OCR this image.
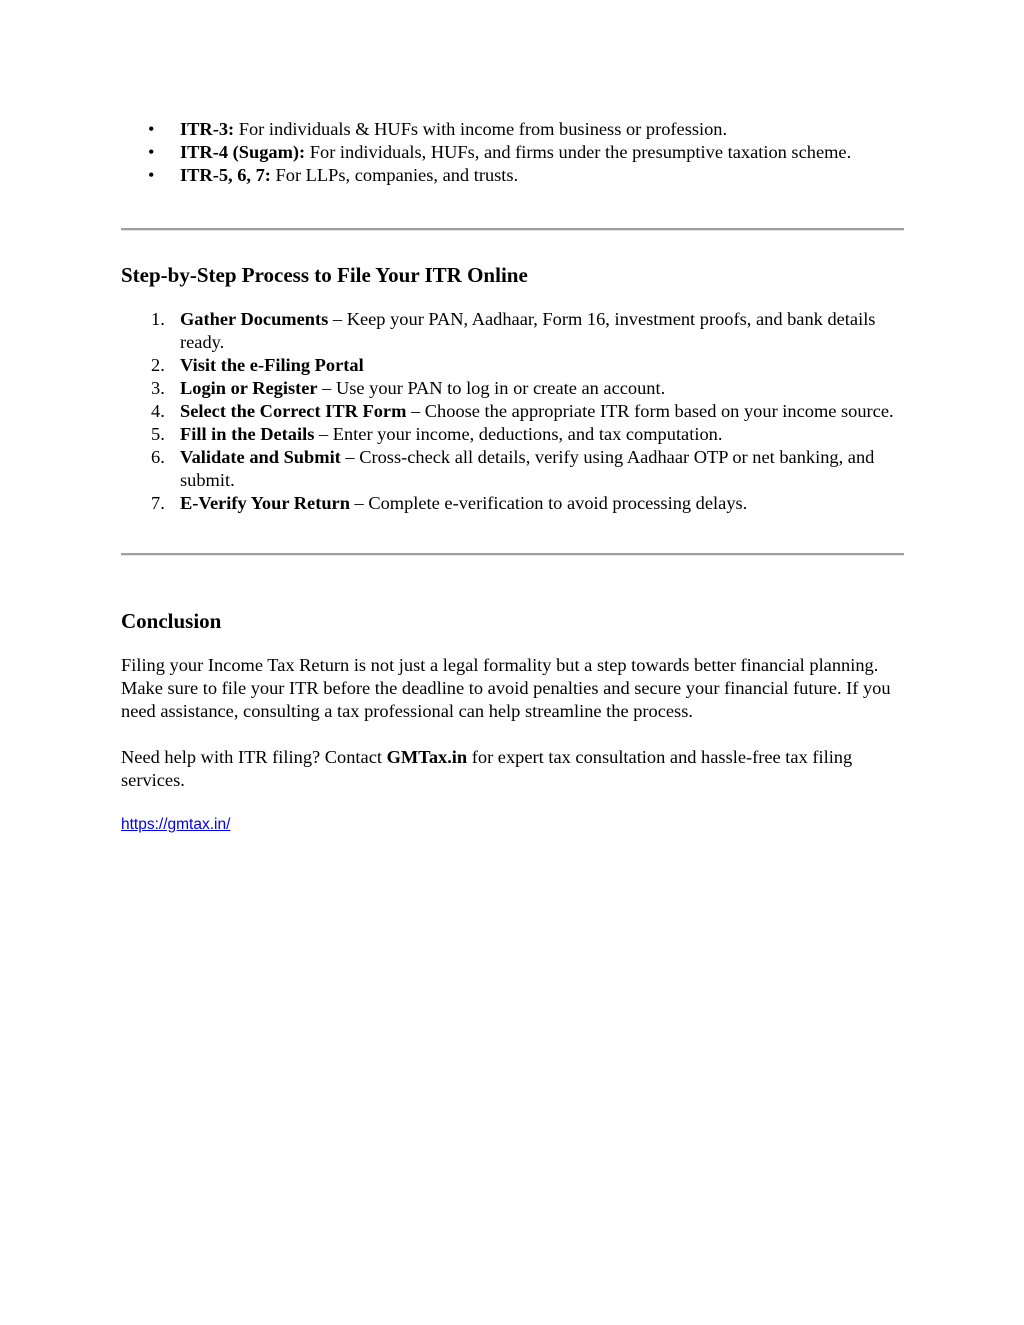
• ITR-3: For individuals & HUFs with income from business or profession.
• ITR-4 (Sugam): For individuals, HUFs, and firms under the presumptive taxation scheme.
• ITR-5, 6, 7: For LLPs, companies, and trusts.
Step-by-Step Process to File Your ITR Online
1. Gather Documents – Keep your PAN, Aadhaar, Form 16, investment proofs, and bank details ready.
2. Visit the e-Filing Portal
3. Login or Register – Use your PAN to log in or create an account.
4. Select the Correct ITR Form – Choose the appropriate ITR form based on your income source.
5. Fill in the Details – Enter your income, deductions, and tax computation.
6. Validate and Submit – Cross-check all details, verify using Aadhaar OTP or net banking, and submit.
7. E-Verify Your Return – Complete e-verification to avoid processing delays.
Conclusion

Filing your Income Tax Return is not just a legal formality but a step towards better financial planning. Make sure to file your ITR before the deadline to avoid penalties and secure your financial future. If you need assistance, consulting a tax professional can help streamline the process.

Need help with ITR filing? Contact GMTax.in for expert tax consultation and hassle-free tax filing services.

https://gmtax.in/
